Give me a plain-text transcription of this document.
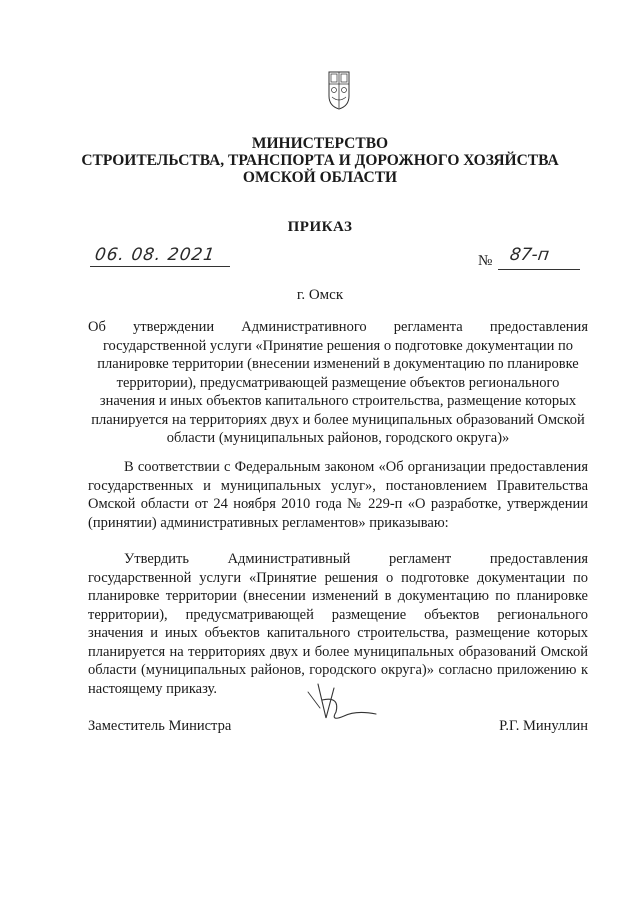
МИНИСТЕРСТВО
СТРОИТЕЛЬСТВА, ТРАНСПОРТА И ДОРОЖНОГО ХОЗЯЙСТВА
ОМСКОЙ ОБЛАСТИ
ПРИКАЗ
06. 08. 2021	№ 87-п
г. Омск
Об утверждении Административного регламента предоставления
государственной услуги «Принятие решения о подготовке документации по планировке территории (внесении изменений в документацию по планировке территории), предусматривающей размещение объектов регионального значения и иных объектов капитального строительства, размещение которых планируется на территориях двух и более муниципальных образований Омской области (муниципальных районов, городского округа)»
В соответствии с Федеральным законом «Об организации предоставления государственных и муниципальных услуг», постановлением Правительства Омской области от 24 ноября 2010 года № 229-п «О разработке, утверждении (принятии) административных регламентов» приказываю:
Утвердить Административный регламент предоставления государственной услуги «Принятие решения о подготовке документации по планировке территории (внесении изменений в документацию по планировке территории), предусматривающей размещение объектов регионального значения и иных объектов капитального строительства, размещение которых планируется на территориях двух и более муниципальных образований Омской области (муниципальных районов, городского округа)» согласно приложению к настоящему приказу.
Заместитель Министра	Р.Г. Минуллин
